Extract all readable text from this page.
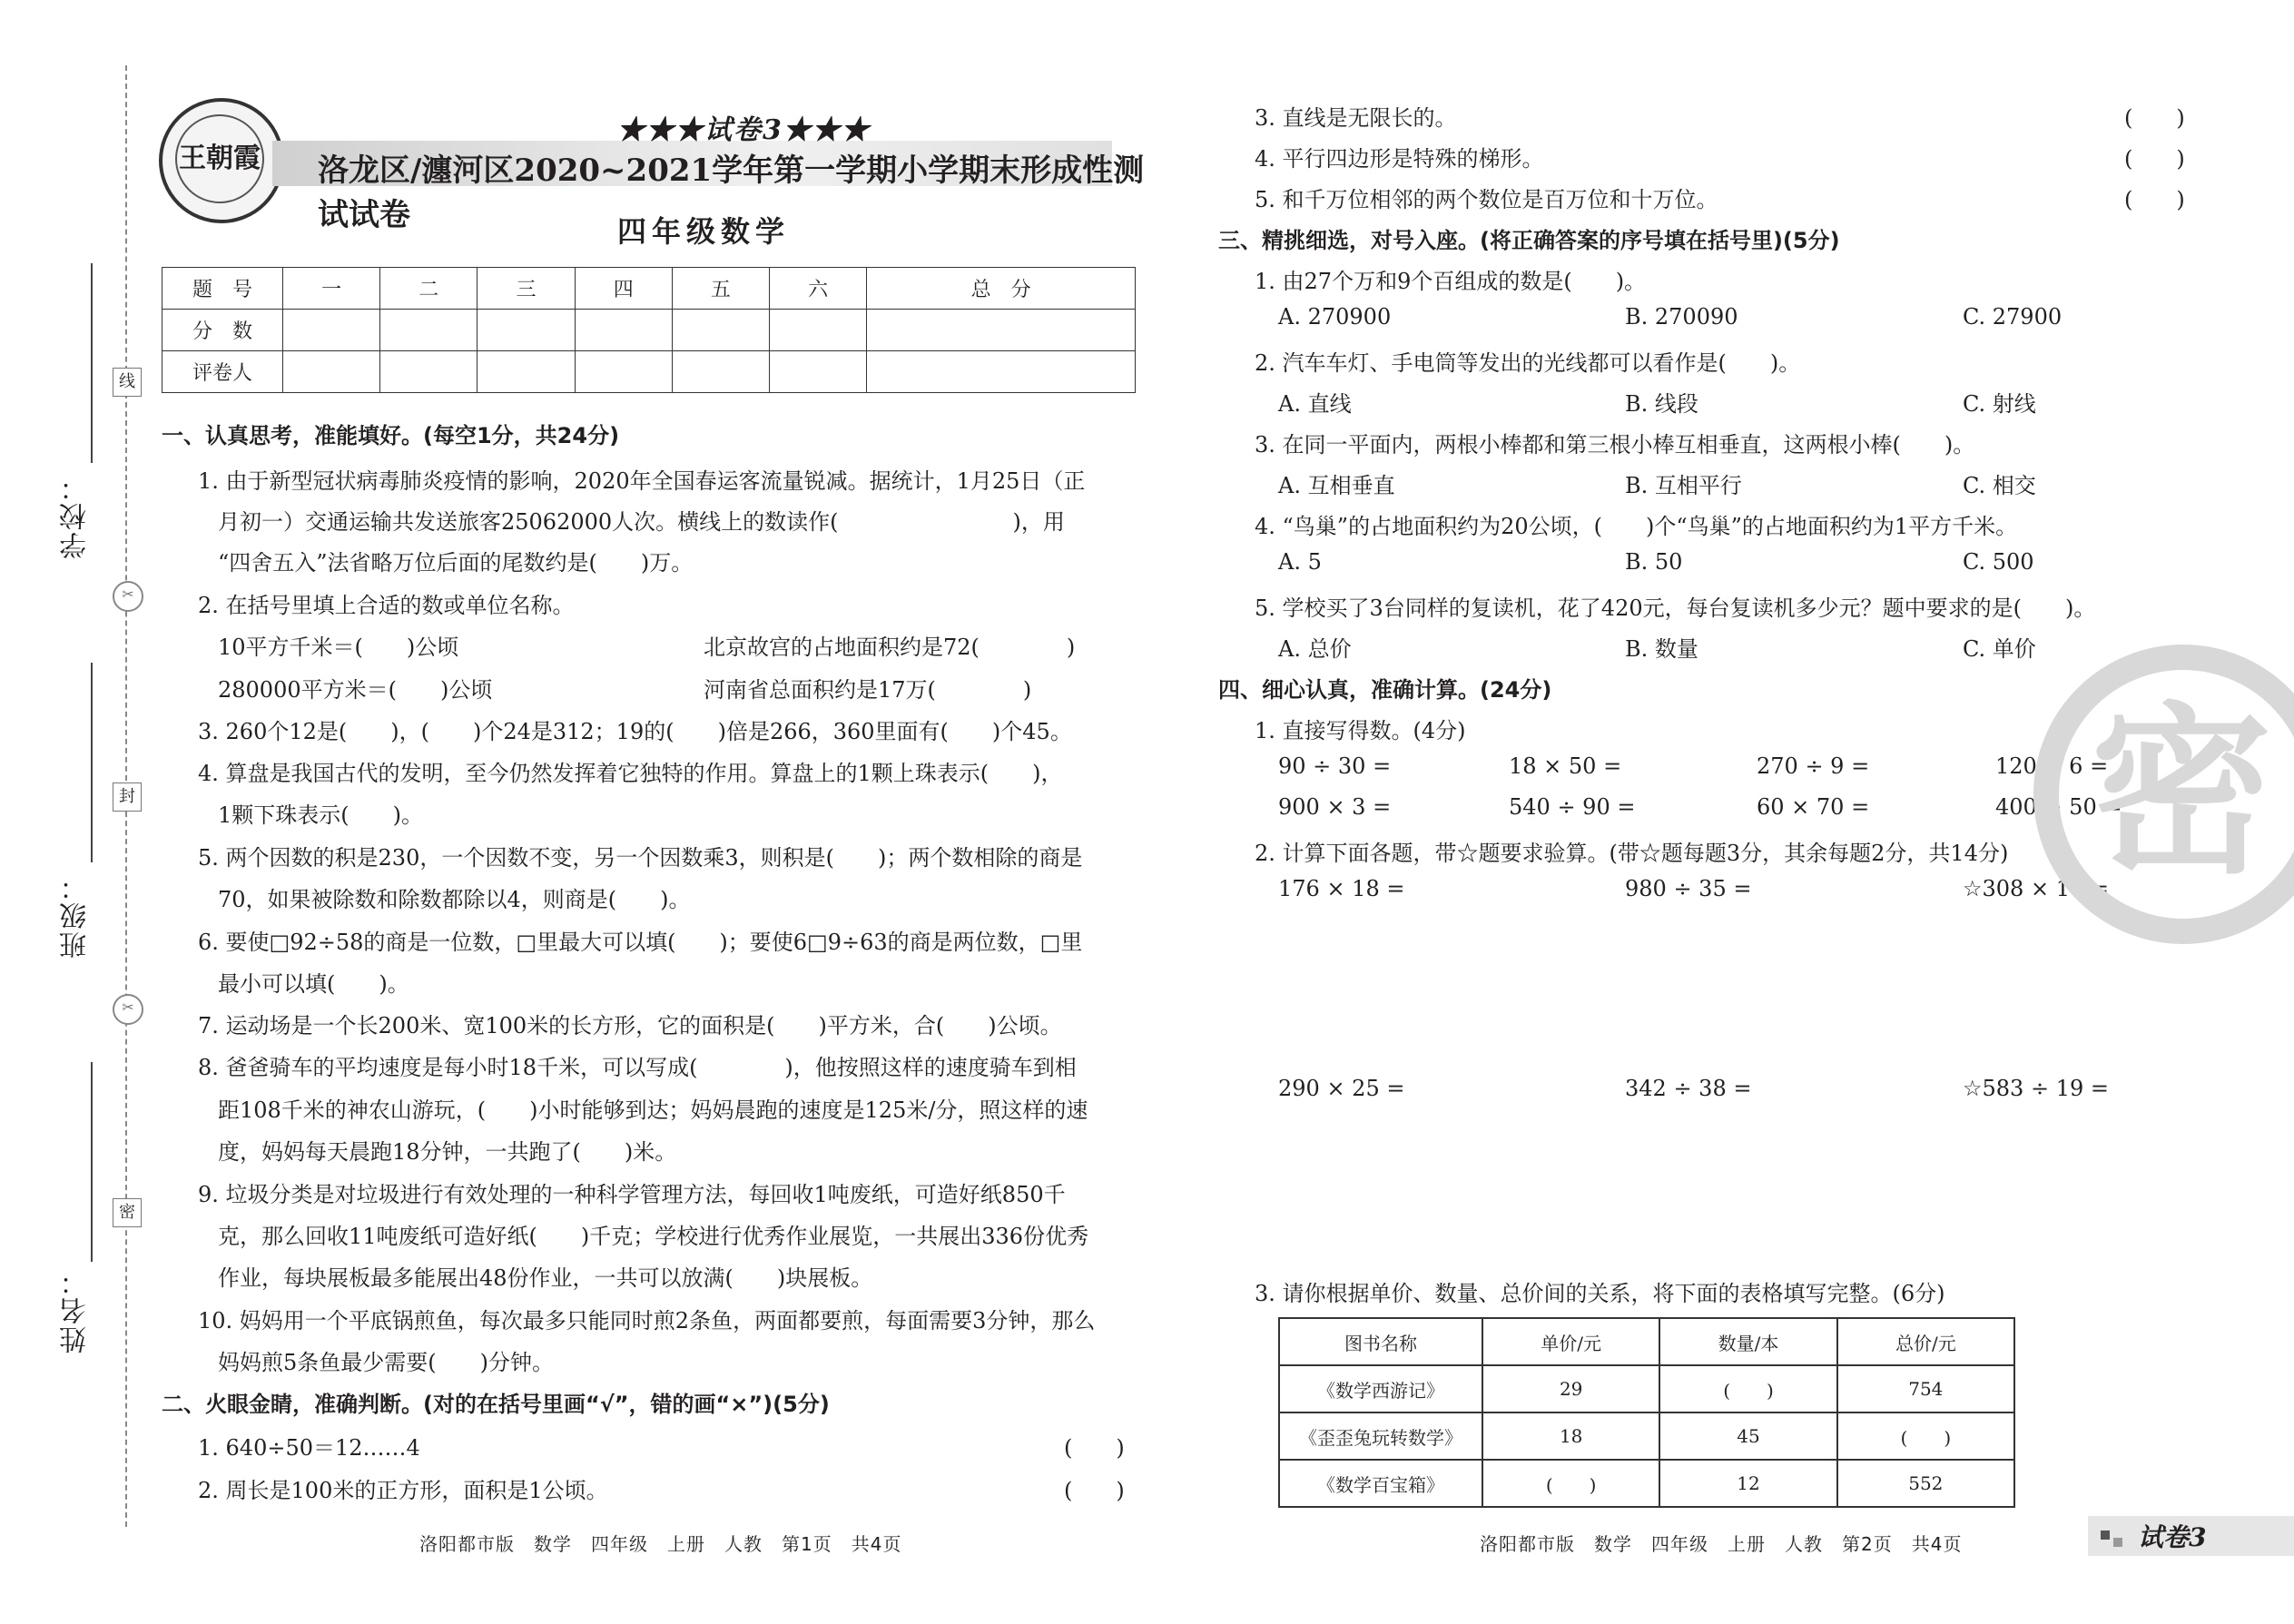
学校：
班级：
姓名：
线
封
密
✂
✂
王朝霞
★★★试卷3★★★
洛龙区/瀍河区2020~2021学年第一学期小学期末形成性测试试卷	四年级数学
题　号	一	二	三	四	五	六	总　分
分　数							
评卷人							
一、认真思考，准能填好。(每空1分，共24分)
1. 由于新型冠状病毒肺炎疫情的影响，2020年全国春运客流量锐减。据统计，1月25日（正
月初一）交通运输共发送旅客25062000人次。横线上的数读作(　　　　　　　　)，用
“四舍五入”法省略万位后面的尾数约是(　　)万。
2. 在括号里填上合适的数或单位名称。
10平方千米＝(　　)公顷	北京故宫的占地面积约是72(　　　　)
280000平方米＝(　　)公顷	河南省总面积约是17万(　　　　)
3. 260个12是(　　)，(　　)个24是312；19的(　　)倍是266，360里面有(　　)个45。
4. 算盘是我国古代的发明，至今仍然发挥着它独特的作用。算盘上的1颗上珠表示(　　)，
1颗下珠表示(　　)。
5. 两个因数的积是230，一个因数不变，另一个因数乘3，则积是(　　)；两个数相除的商是
70，如果被除数和除数都除以4，则商是(　　)。
6. 要使□92÷58的商是一位数，□里最大可以填(　　)；要使6□9÷63的商是两位数，□里
最小可以填(　　)。
7. 运动场是一个长200米、宽100米的长方形，它的面积是(　　)平方米，合(　　)公顷。
8. 爸爸骑车的平均速度是每小时18千米，可以写成(　　　　)，他按照这样的速度骑车到相
距108千米的神农山游玩，(　　)小时能够到达；妈妈晨跑的速度是125米/分，照这样的速
度，妈妈每天晨跑18分钟，一共跑了(　　)米。
9. 垃圾分类是对垃圾进行有效处理的一种科学管理方法，每回收1吨废纸，可造好纸850千
克，那么回收11吨废纸可造好纸(　　)千克；学校进行优秀作业展览，一共展出336份优秀
作业，每块展板最多能展出48份作业，一共可以放满(　　)块展板。
10. 妈妈用一个平底锅煎鱼，每次最多只能同时煎2条鱼，两面都要煎，每面需要3分钟，那么
妈妈煎5条鱼最少需要(　　)分钟。
二、火眼金睛，准确判断。(对的在括号里画“√”，错的画“×”)(5分)
1. 640÷50＝12……4	(　　)
2. 周长是100米的正方形，面积是1公顷。	(　　)
洛阳都市版　数学　四年级　上册　人教　第1页　共4页
3. 直线是无限长的。	(　　)
4. 平行四边形是特殊的梯形。	(　　)
5. 和千万位相邻的两个数位是百万位和十万位。	(　　)
三、精挑细选，对号入座。(将正确答案的序号填在括号里)(5分)
1. 由27个万和9个百组成的数是(　　)。
A. 270900	B. 270090	C. 27900
2. 汽车车灯、手电筒等发出的光线都可以看作是(　　)。
A. 直线	B. 线段	C. 射线
3. 在同一平面内，两根小棒都和第三根小棒互相垂直，这两根小棒(　　)。
A. 互相垂直	B. 互相平行	C. 相交
4. “鸟巢”的占地面积约为20公顷，(　　)个“鸟巢”的占地面积约为1平方千米。
A. 5	B. 50	C. 500
5. 学校买了3台同样的复读机，花了420元，每台复读机多少元？题中要求的是(　　)。
A. 总价	B. 数量	C. 单价
四、细心认真，准确计算。(24分)
1. 直接写得数。(4分)
90 ÷ 30 =	18 × 50 =	270 ÷ 9 =	120 × 6 =
900 × 3 =	540 ÷ 90 =	60 × 70 =	400 ÷ 50 =
2. 计算下面各题，带☆题要求验算。(带☆题每题3分，其余每题2分，共14分)
176 × 18 =	980 ÷ 35 =	☆308 × 17 =
290 × 25 =	342 ÷ 38 =	☆583 ÷ 19 =
3. 请你根据单价、数量、总价间的关系，将下面的表格填写完整。(6分)
洛阳都市版　数学　四年级　上册　人教　第2页　共4页
图书名称	单价/元	数量/本	总价/元
《数学西游记》	29	(　　)	754
《歪歪兔玩转数学》	18	45	(　　)
《数学百宝箱》	(　　)	12	552
密
试卷3
